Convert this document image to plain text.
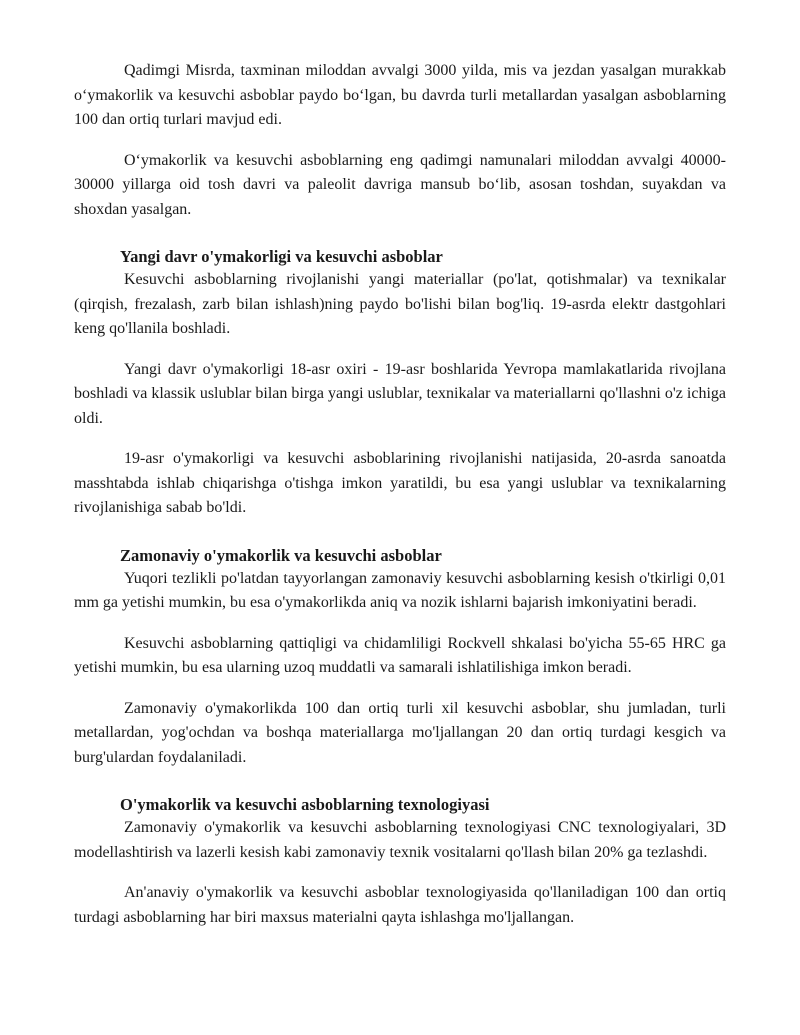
Qadimgi Misrda, taxminan miloddan avvalgi 3000 yilda, mis va jezdan yasalgan murakkab o‘ymakorlik va kesuvchi asboblar paydo bo‘lgan, bu davrda turli metallardan yasalgan asboblarning 100 dan ortiq turlari mavjud edi.

O‘ymakorlik va kesuvchi asboblarning eng qadimgi namunalari miloddan avvalgi 40000-30000 yillarga oid tosh davri va paleolit davriga mansub bo‘lib, asosan toshdan, suyakdan va shoxdan yasalgan.

Yangi davr o'ymakorligi va kesuvchi asboblar

Kesuvchi asboblarning rivojlanishi yangi materiallar (po'lat, qotishmalar) va texnikalar (qirqish, frezalash, zarb bilan ishlash)ning paydo bo'lishi bilan bog'liq. 19-asrda elektr dastgohlari keng qo'llanila boshladi.

Yangi davr o'ymakorligi 18-asr oxiri - 19-asr boshlarida Yevropa mamlakatlarida rivojlana boshladi va klassik uslublar bilan birga yangi uslublar, texnikalar va materiallarni qo'llashni o'z ichiga oldi.

19-asr o'ymakorligi va kesuvchi asboblarining rivojlanishi natijasida, 20-asrda sanoatda masshtabda ishlab chiqarishga o'tishga imkon yaratildi, bu esa yangi uslublar va texnikalarning rivojlanishiga sabab bo'ldi.

Zamonaviy o'ymakorlik va kesuvchi asboblar

Yuqori tezlikli po'latdan tayyorlangan zamonaviy kesuvchi asboblarning kesish o'tkirligi 0,01 mm ga yetishi mumkin, bu esa o'ymakorlikda aniq va nozik ishlarni bajarish imkoniyatini beradi.

Kesuvchi asboblarning qattiqligi va chidamliligi Rockvell shkalasi bo'yicha 55-65 HRC ga yetishi mumkin, bu esa ularning uzoq muddatli va samarali ishlatilishiga imkon beradi.

Zamonaviy o'ymakorlikda 100 dan ortiq turli xil kesuvchi asboblar, shu jumladan, turli metallardan, yog'ochdan va boshqa materiallarga mo'ljallangan 20 dan ortiq turdagi kesgich va burg'ulardan foydalaniladi.

O'ymakorlik va kesuvchi asboblarning texnologiyasi

Zamonaviy o'ymakorlik va kesuvchi asboblarning texnologiyasi CNC texnologiyalari, 3D modellashtirish va lazerli kesish kabi zamonaviy texnik vositalarni qo'llash bilan 20% ga tezlashdi.

An'anaviy o'ymakorlik va kesuvchi asboblar texnologiyasida qo'llaniladigan 100 dan ortiq turdagi asboblarning har biri maxsus materialni qayta ishlashga mo'ljallangan.
